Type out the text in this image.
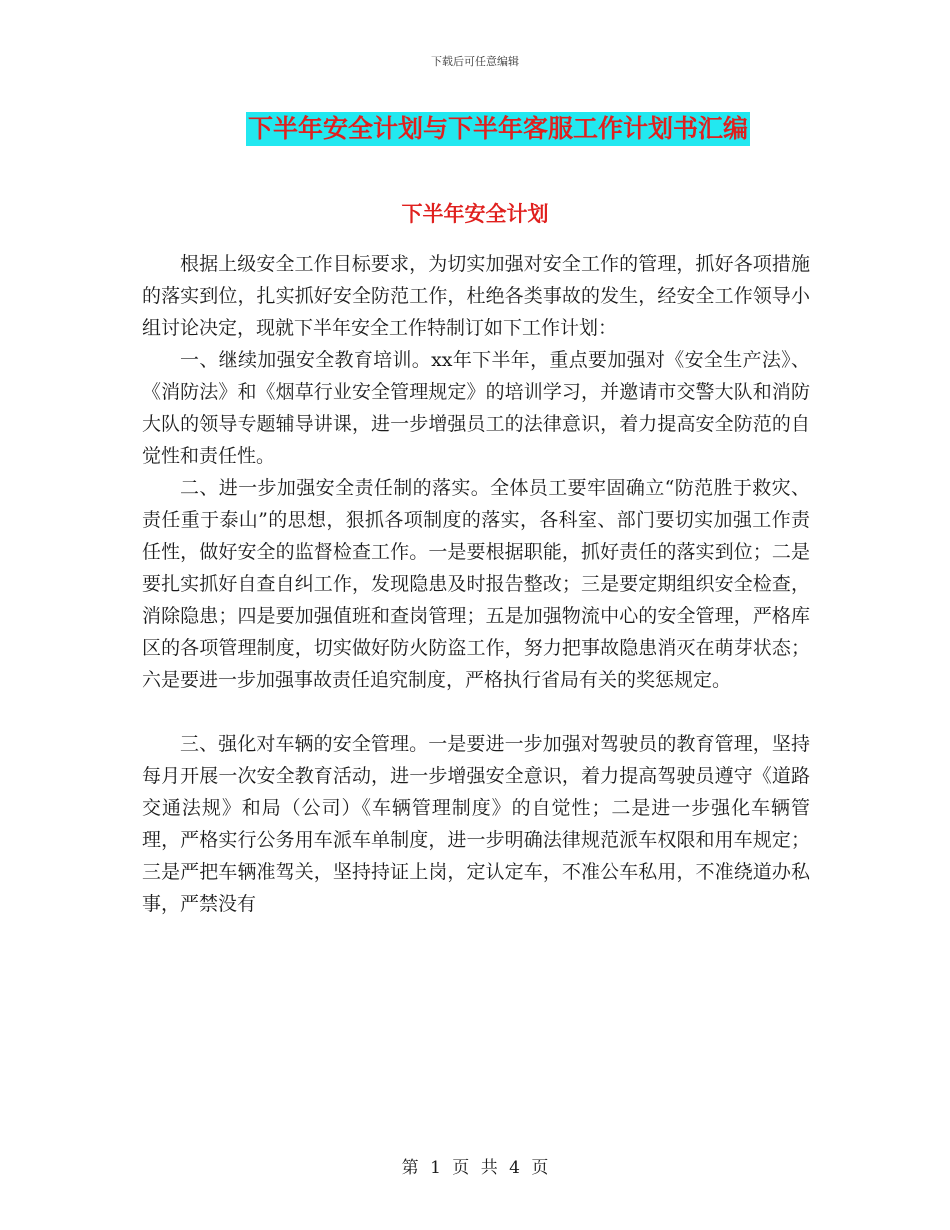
下载后可任意编辑
下半年安全计划与下半年客服工作计划书汇编
下半年安全计划

根据上级安全工作目标要求，为切实加强对安全工作的管理，抓好各项措施的落实到位，扎实抓好安全防范工作，杜绝各类事故的发生，经安全工作领导小组讨论决定，现就下半年安全工作特制订如下工作计划：

一、继续加强安全教育培训。xx年下半年，重点要加强对《安全生产法》、《消防法》和《烟草行业安全管理规定》的培训学习，并邀请市交警大队和消防大队的领导专题辅导讲课，进一步增强员工的法律意识，着力提高安全防范的自觉性和责任性。

二、进一步加强安全责任制的落实。全体员工要牢固确立“防范胜于救灾、责任重于泰山”的思想，狠抓各项制度的落实，各科室、部门要切实加强工作责任性，做好安全的监督检查工作。一是要根据职能，抓好责任的落实到位；二是要扎实抓好自查自纠工作，发现隐患及时报告整改；三是要定期组织安全检查，消除隐患；四是要加强值班和查岗管理；五是加强物流中心的安全管理，严格库区的各项管理制度，切实做好防火防盗工作，努力把事故隐患消灭在萌芽状态；六是要进一步加强事故责任追究制度，严格执行省局有关的奖惩规定。

三、强化对车辆的安全管理。一是要进一步加强对驾驶员的教育管理，坚持每月开展一次安全教育活动，进一步增强安全意识，着力提高驾驶员遵守《道路交通法规》和局（公司）《车辆管理制度》的自觉性；二是进一步强化车辆管理，严格实行公务用车派车单制度，进一步明确法律规范派车权限和用车规定；三是严把车辆准驾关，坚持持证上岗，定认定车，不准公车私用，不准绕道办私事，严禁没有

第 1 页 共 4 页
